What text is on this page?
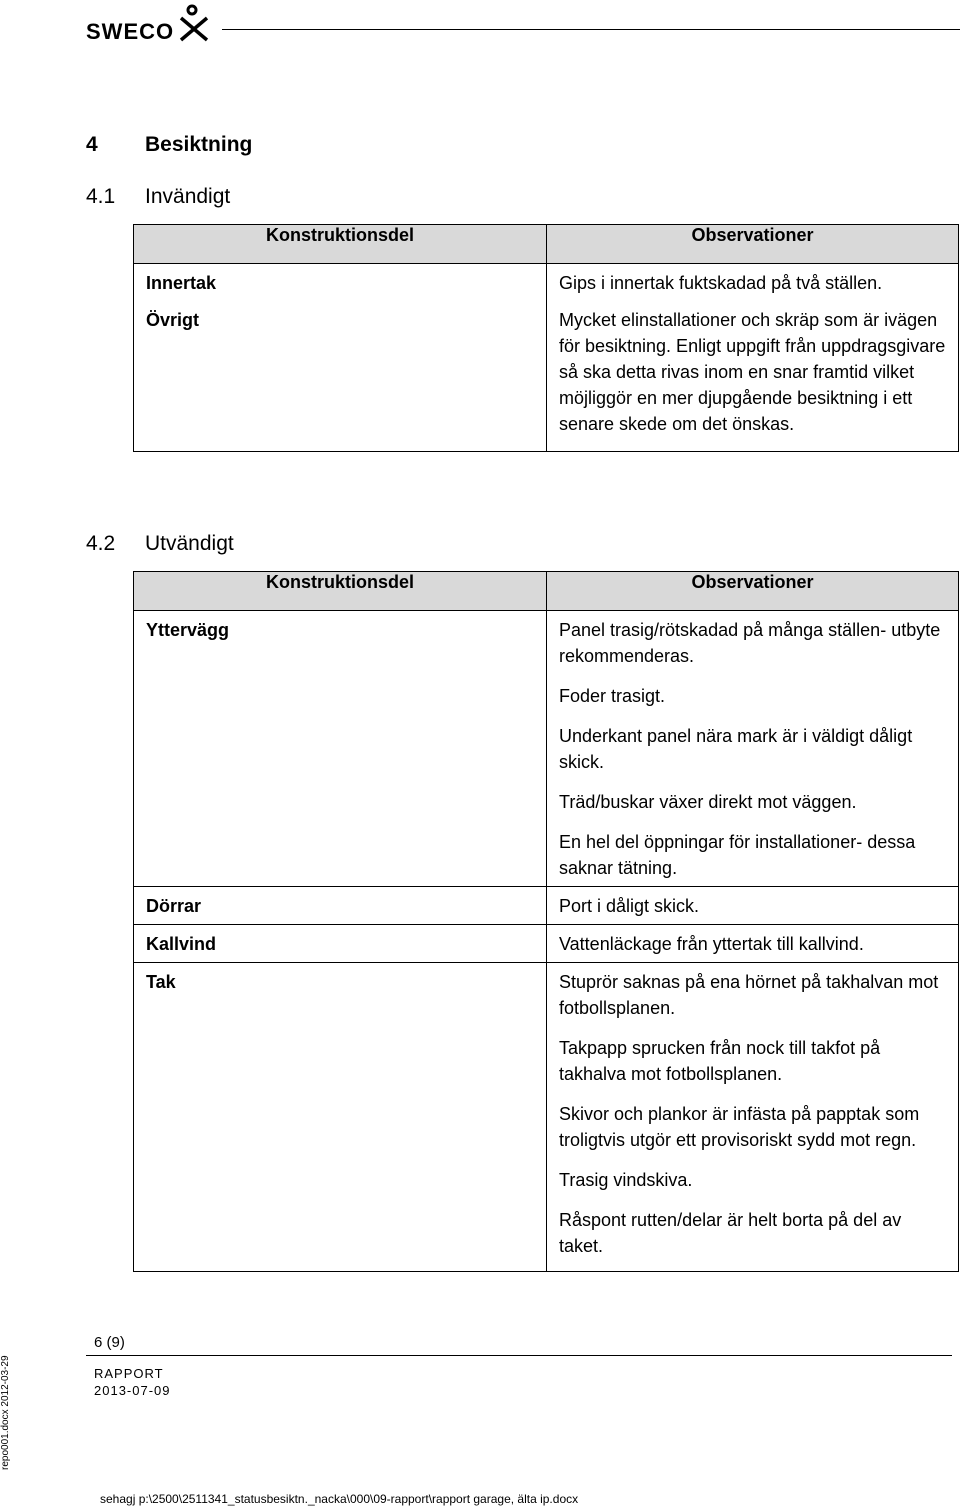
SWECO
4 Besiktning
4.1 Invändigt
Konstruktionsdel	Observationer
Innertak	Gips i innertak fuktskadad på två ställen.

Övrigt	Mycket elinstallationer och skräp som är ivägen för besiktning. Enligt uppgift från uppdragsgivare så ska detta rivas inom en snar framtid vilket möjliggör en mer djupgående besiktning i ett senare skede om det önskas.
4.2 Utvändigt
Konstruktionsdel	Observationer
Yttervägg	Panel trasig/rötskadad på många ställen- utbyte rekommenderas.
Foder trasigt.
Underkant panel nära mark är i väldigt dåligt skick.
Träd/buskar växer direkt mot väggen.
En hel del öppningar för installationer- dessa saknar tätning.

Dörrar	Port i dåligt skick.

Kallvind	Vattenläckage från yttertak till kallvind.

Tak	Stuprör saknas på ena hörnet på takhalvan mot fotbollsplanen.
Takpapp sprucken från nock till takfot på takhalva mot fotbollsplanen.
Skivor och plankor är infästa på papptak som troligtvis utgör ett provisoriskt sydd mot regn.
Trasig vindskiva.
Råspont rutten/delar är helt borta på del av taket.
6 (9)
RAPPORT
2013-07-09
sehagj p:\2500\2511341_statusbesiktn._nacka\000\09-rapport\rapport garage, älta ip.docx
repo001.docx 2012-03-29
